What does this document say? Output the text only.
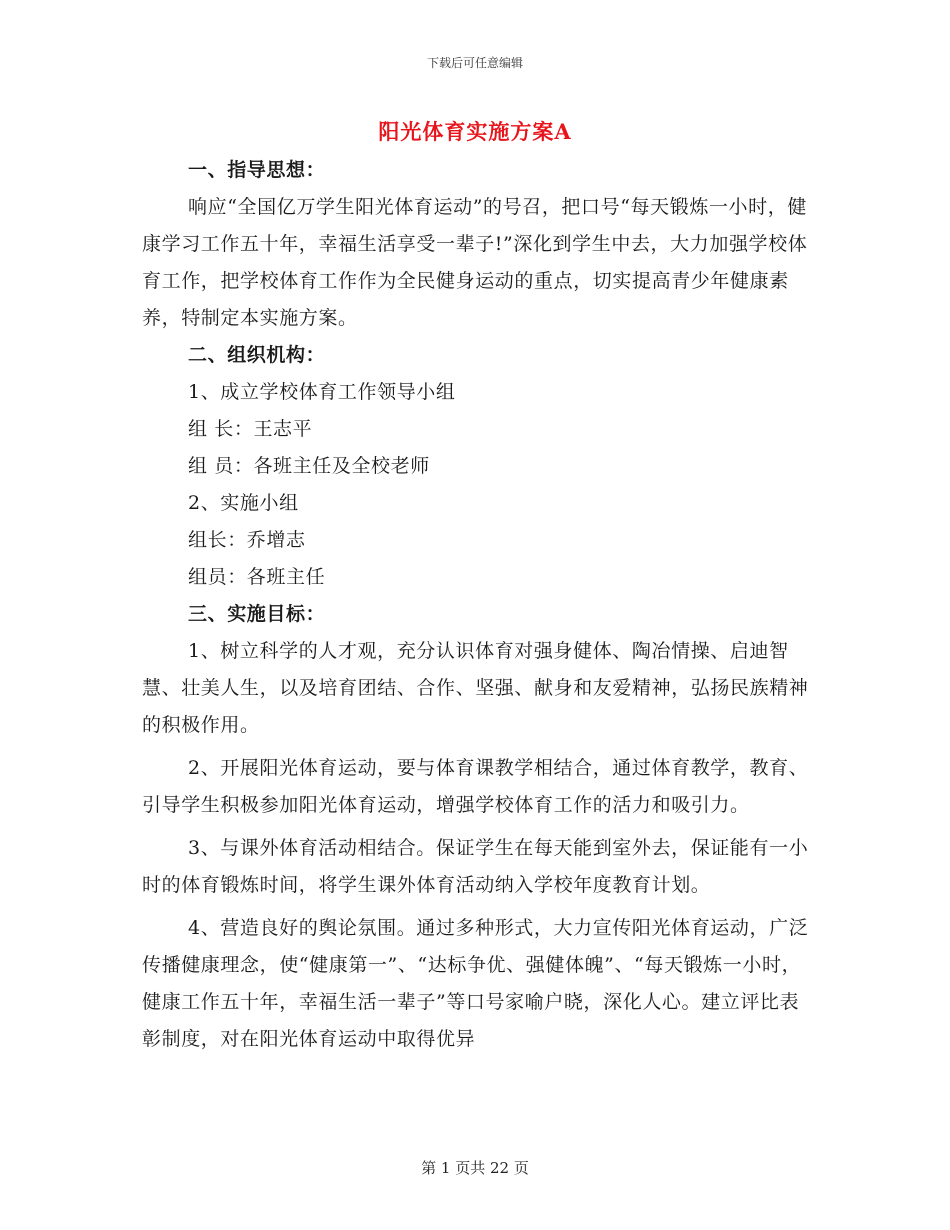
下载后可任意编辑
阳光体育实施方案A

一、指导思想：

响应“全国亿万学生阳光体育运动”的号召，把口号“每天锻炼一小时，健康学习工作五十年，幸福生活享受一辈子!”深化到学生中去，大力加强学校体育工作，把学校体育工作作为全民健身运动的重点，切实提高青少年健康素养，特制定本实施方案。

二、组织机构：

1、成立学校体育工作领导小组

组 长：王志平

组 员：各班主任及全校老师

2、实施小组

组长：乔增志

组员：各班主任

三、实施目标：

1、树立科学的人才观，充分认识体育对强身健体、陶冶情操、启迪智慧、壮美人生，以及培育团结、合作、坚强、献身和友爱精神，弘扬民族精神的积极作用。

2、开展阳光体育运动，要与体育课教学相结合，通过体育教学，教育、引导学生积极参加阳光体育运动，增强学校体育工作的活力和吸引力。

3、与课外体育活动相结合。保证学生在每天能到室外去，保证能有一小时的体育锻炼时间，将学生课外体育活动纳入学校年度教育计划。

4、营造良好的舆论氛围。通过多种形式，大力宣传阳光体育运动，广泛传播健康理念，使“健康第一”、“达标争优、强健体魄”、“每天锻炼一小时，健康工作五十年，幸福生活一辈子”等口号家喻户晓，深化人心。建立评比表彰制度，对在阳光体育运动中取得优异

第 1 页共 22 页
